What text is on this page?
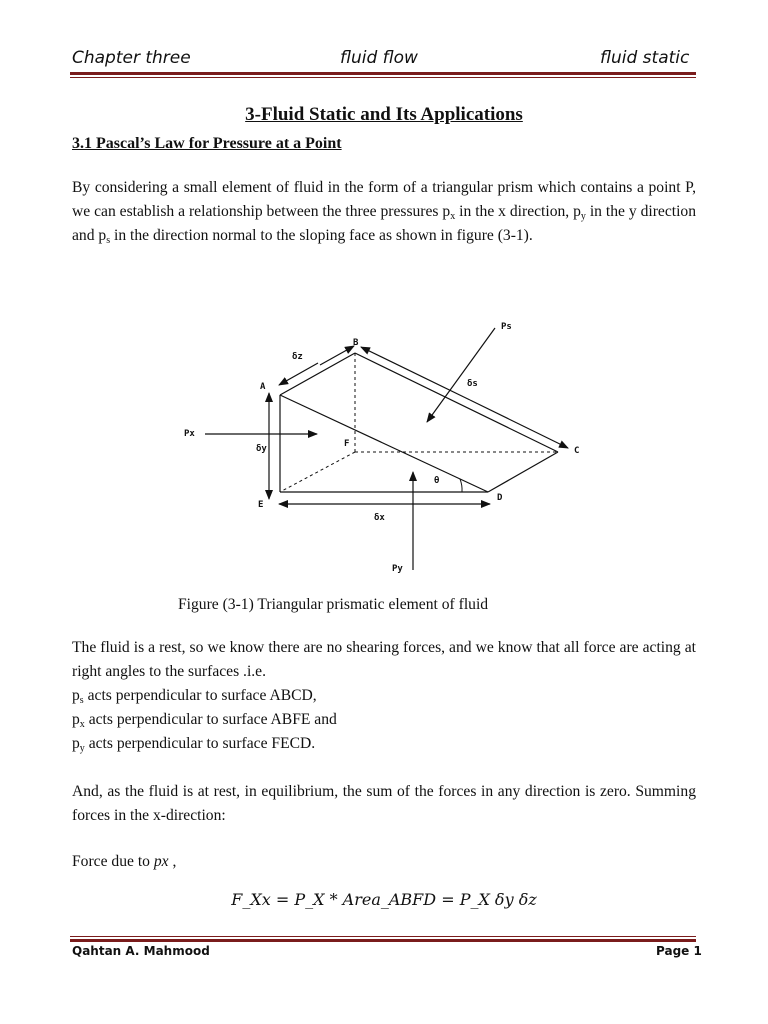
Chapter three	fluid flow	fluid static
3-Fluid Static and Its Applications
3.1 Pascal’s Law for Pressure at a Point
By considering a small element of fluid in the form of a triangular prism which contains a point P, we can establish a relationship between the three pressures $p_x$ in the x direction, $p_y$ in the y direction and $p_s$ in the direction normal to the sloping face as shown in figure (3-1).
A
B
C
D
E
F
δz
δs
δy
δx
θ
Ps
Px
Py
Figure (3-1) Triangular prismatic element of fluid
The fluid is a rest, so we know there are no shearing forces, and we know that all force are acting at right angles to the surfaces .i.e.
$p_s$ acts perpendicular to surface ABCD,
$p_x$ acts perpendicular to surface ABFE and
$p_y$ acts perpendicular to surface FECD.
And, as the fluid is at rest, in equilibrium, the sum of the forces in any direction is zero. Summing forces in the x-direction:
Force due to px ,
F_Xx = P_X * Area_ABFD = P_X δy δz
Qahtan A. Mahmood	Page 1
